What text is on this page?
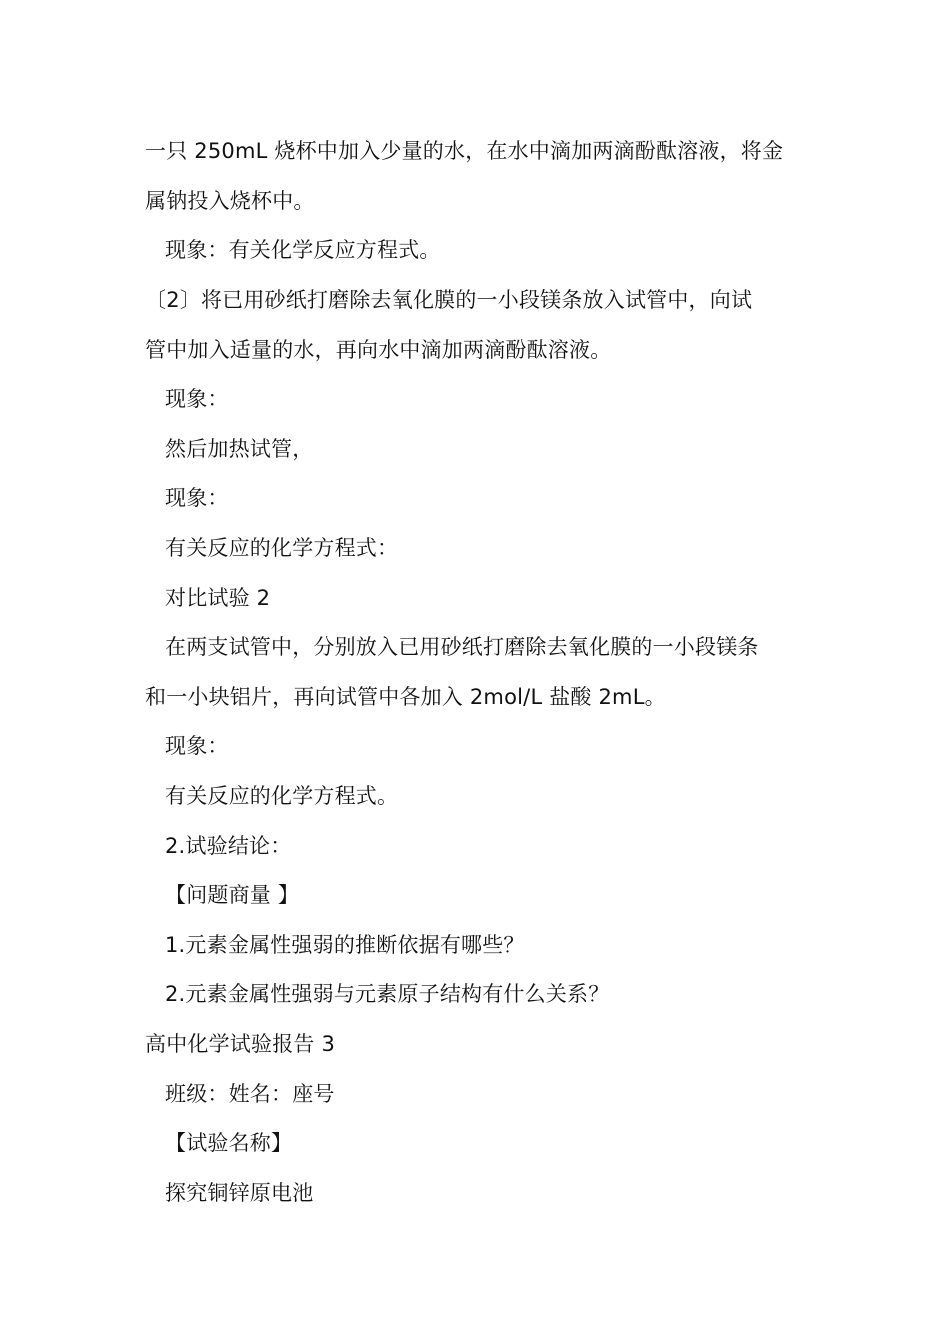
一只 250mL 烧杯中加入少量的水，在水中滴加两滴酚酞溶液，将金
属钠投入烧杯中。
现象：有关化学反应方程式。
〔2〕将已用砂纸打磨除去氧化膜的一小段镁条放入试管中，向试
管中加入适量的水，再向水中滴加两滴酚酞溶液。
现象：
然后加热试管，
现象：
有关反应的化学方程式：
对比试验 2
在两支试管中，分别放入已用砂纸打磨除去氧化膜的一小段镁条
和一小块铝片，再向试管中各加入 2mol/L 盐酸 2mL。
现象：
有关反应的化学方程式。
2.试验结论：
【问题商量 】
1.元素金属性强弱的推断依据有哪些？
2.元素金属性强弱与元素原子结构有什么关系？
高中化学试验报告 3
班级：姓名：座号
【试验名称】
探究铜锌原电池
